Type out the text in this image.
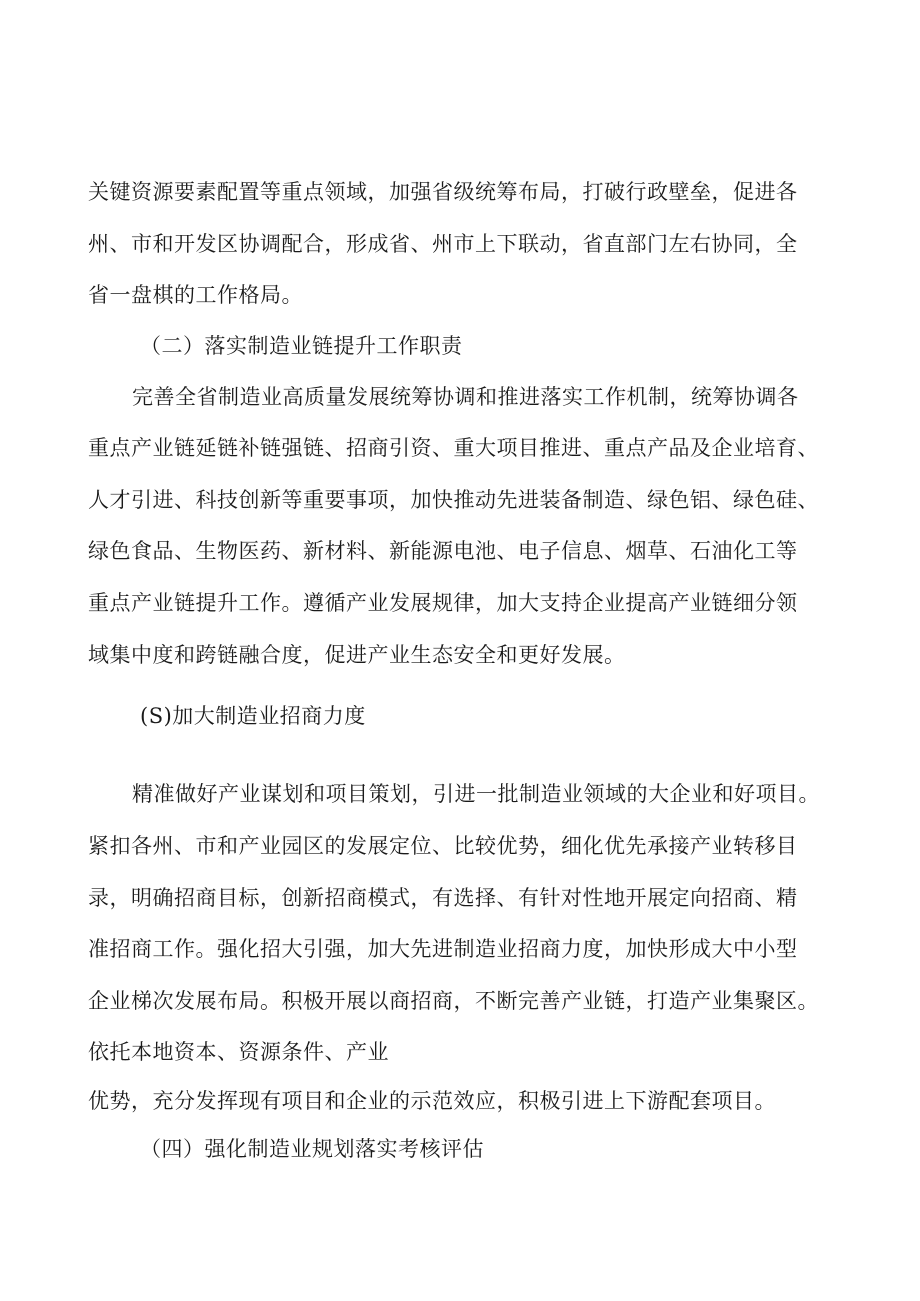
关键资源要素配置等重点领域，加强省级统筹布局，打破行政壁垒，促进各
州、市和开发区协调配合，形成省、州市上下联动，省直部门左右协同，全
省一盘棋的工作格局。
（二）落实制造业链提升工作职责
完善全省制造业高质量发展统筹协调和推进落实工作机制，统筹协调各
重点产业链延链补链强链、招商引资、重大项目推进、重点产品及企业培育、
人才引进、科技创新等重要事项，加快推动先进装备制造、绿色铝、绿色硅、
绿色食品、生物医药、新材料、新能源电池、电子信息、烟草、石油化工等
重点产业链提升工作。遵循产业发展规律，加大支持企业提高产业链细分领
域集中度和跨链融合度，促进产业生态安全和更好发展。
(S)加大制造业招商力度
精准做好产业谋划和项目策划，引进一批制造业领域的大企业和好项目。
紧扣各州、市和产业园区的发展定位、比较优势，细化优先承接产业转移目
录，明确招商目标，创新招商模式，有选择、有针对性地开展定向招商、精
准招商工作。强化招大引强，加大先进制造业招商力度，加快形成大中小型
企业梯次发展布局。积极开展以商招商，不断完善产业链，打造产业集聚区。
依托本地资本、资源条件、产业
优势，充分发挥现有项目和企业的示范效应，积极引进上下游配套项目。
（四）强化制造业规划落实考核评估
